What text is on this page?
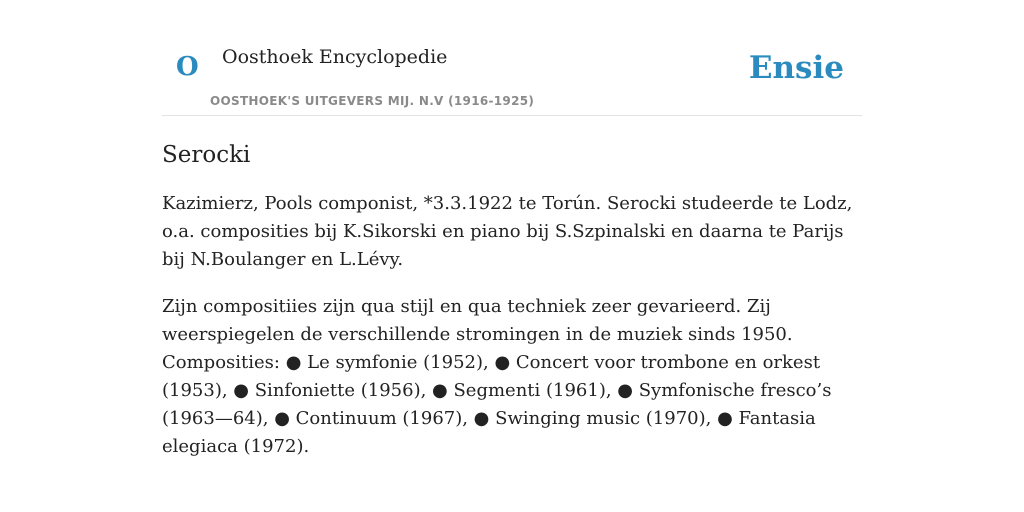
O Oosthoek Encyclopedie
OOSTHOEK'S UITGEVERS MIJ. N.V (1916-1925)
Ensie
Serocki

Kazimierz, Pools componist, *3.3.1922 te Torún. Serocki studeerde te Lodz, o.a. composities bij K.Sikorski en piano bij S.Szpinalski en daarna te Parijs bij N.Boulanger en L.Lévy.

Zijn compositiies zijn qua stijl en qua techniek zeer gevarieerd. Zij weerspiegelen de verschillende stromingen in de muziek sinds 1950. Composities: ● Le symfonie (1952), ● Concert voor trombone en orkest (1953), ● Sinfoniette (1956), ● Segmenti (1961), ● Symfonische fresco’s (1963—64), ● Continuum (1967), ● Swinging music (1970), ● Fantasia elegiaca (1972).
